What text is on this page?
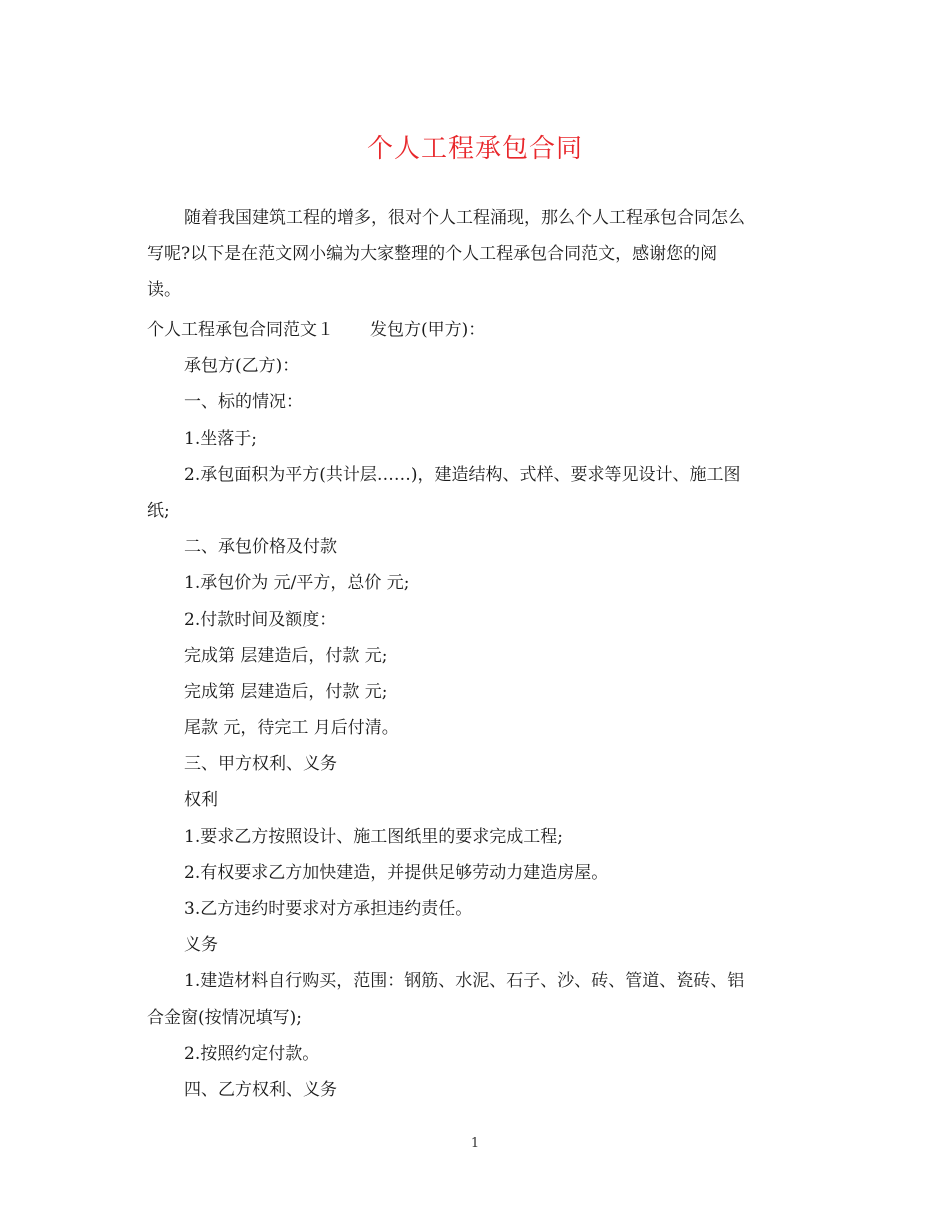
个人工程承包合同
随着我国建筑工程的增多，很对个人工程涌现，那么个人工程承包合同怎么
写呢?以下是在范文网小编为大家整理的个人工程承包合同范文，感谢您的阅
读。
个人工程承包合同范文１ 发包方(甲方)：
承包方(乙方)：
一、标的情况：
1.坐落于;
2.承包面积为平方(共计层……)，建造结构、式样、要求等见设计、施工图
纸;
二、承包价格及付款
1.承包价为 元/平方，总价 元;
2.付款时间及额度：
完成第 层建造后，付款 元;
完成第 层建造后，付款 元;
尾款 元，待完工 月后付清。
三、甲方权利、义务
权利
1.要求乙方按照设计、施工图纸里的要求完成工程;
2.有权要求乙方加快建造，并提供足够劳动力建造房屋。
3.乙方违约时要求对方承担违约责任。
义务
1.建造材料自行购买，范围：钢筋、水泥、石子、沙、砖、管道、瓷砖、铝
合金窗(按情况填写);
2.按照约定付款。
四、乙方权利、义务
1
